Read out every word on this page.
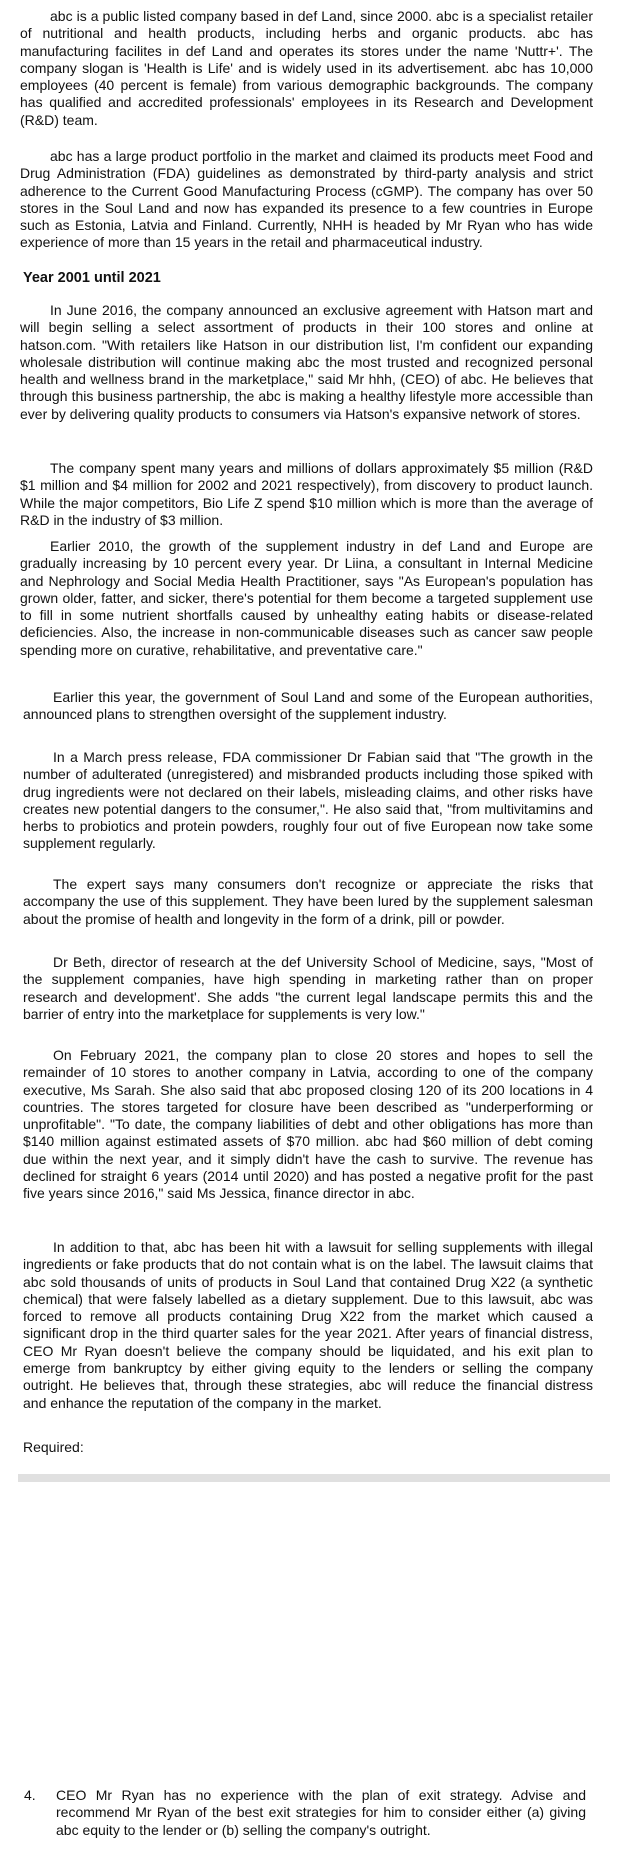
abc is a public listed company based in def Land, since 2000. abc is a specialist retailer of nutritional and health products, including herbs and organic products. abc has manufacturing facilites in def Land and operates its stores under the name 'Nuttr+'. The company slogan is 'Health is Life' and is widely used in its advertisement. abc has 10,000 employees (40 percent is female) from various demographic backgrounds. The company has qualified and accredited professionals' employees in its Research and Development (R&D) team.

abc has a large product portfolio in the market and claimed its products meet Food and Drug Administration (FDA) guidelines as demonstrated by third-party analysis and strict adherence to the Current Good Manufacturing Process (cGMP). The company has over 50 stores in the Soul Land and now has expanded its presence to a few countries in Europe such as Estonia, Latvia and Finland. Currently, NHH is headed by Mr Ryan who has wide experience of more than 15 years in the retail and pharmaceutical industry.

Year 2001 until 2021

In June 2016, the company announced an exclusive agreement with Hatson mart and will begin selling a select assortment of products in their 100 stores and online at hatson.com. "With retailers like Hatson in our distribution list, I'm confident our expanding wholesale distribution will continue making abc the most trusted and recognized personal health and wellness brand in the marketplace," said Mr hhh, (CEO) of abc. He believes that through this business partnership, the abc is making a healthy lifestyle more accessible than ever by delivering quality products to consumers via Hatson's expansive network of stores.

The company spent many years and millions of dollars approximately $5 million (R&D $1 million and $4 million for 2002 and 2021 respectively), from discovery to product launch. While the major competitors, Bio Life Z spend $10 million which is more than the average of R&D in the industry of $3 million.

Earlier 2010, the growth of the supplement industry in def Land and Europe are gradually increasing by 10 percent every year. Dr Liina, a consultant in Internal Medicine and Nephrology and Social Media Health Practitioner, says "As European's population has grown older, fatter, and sicker, there's potential for them become a targeted supplement use to fill in some nutrient shortfalls caused by unhealthy eating habits or disease-related deficiencies. Also, the increase in non-communicable diseases such as cancer saw people spending more on curative, rehabilitative, and preventative care."

Earlier this year, the government of Soul Land and some of the European authorities, announced plans to strengthen oversight of the supplement industry.

In a March press release, FDA commissioner Dr Fabian said that "The growth in the number of adulterated (unregistered) and misbranded products including those spiked with drug ingredients were not declared on their labels, misleading claims, and other risks have creates new potential dangers to the consumer,". He also said that, "from multivitamins and herbs to probiotics and protein powders, roughly four out of five European now take some supplement regularly.

The expert says many consumers don't recognize or appreciate the risks that accompany the use of this supplement. They have been lured by the supplement salesman about the promise of health and longevity in the form of a drink, pill or powder.

Dr Beth, director of research at the def University School of Medicine, says, "Most of the supplement companies, have high spending in marketing rather than on proper research and development'. She adds "the current legal landscape permits this and the barrier of entry into the marketplace for supplements is very low."

On February 2021, the company plan to close 20 stores and hopes to sell the remainder of 10 stores to another company in Latvia, according to one of the company executive, Ms Sarah. She also said that abc proposed closing 120 of its 200 locations in 4 countries. The stores targeted for closure have been described as "underperforming or unprofitable". "To date, the company liabilities of debt and other obligations has more than $140 million against estimated assets of $70 million. abc had $60 million of debt coming due within the next year, and it simply didn't have the cash to survive. The revenue has declined for straight 6 years (2014 until 2020) and has posted a negative profit for the past five years since 2016," said Ms Jessica, finance director in abc.

In addition to that, abc has been hit with a lawsuit for selling supplements with illegal ingredients or fake products that do not contain what is on the label. The lawsuit claims that abc sold thousands of units of products in Soul Land that contained Drug X22 (a synthetic chemical) that were falsely labelled as a dietary supplement. Due to this lawsuit, abc was forced to remove all products containing Drug X22 from the market which caused a significant drop in the third quarter sales for the year 2021. After years of financial distress, CEO Mr Ryan doesn't believe the company should be liquidated, and his exit plan to emerge from bankruptcy by either giving equity to the lenders or selling the company outright. He believes that, through these strategies, abc will reduce the financial distress and enhance the reputation of the company in the market.

Required:

4. CEO Mr Ryan has no experience with the plan of exit strategy. Advise and recommend Mr Ryan of the best exit strategies for him to consider either (a) giving abc equity to the lender or (b) selling the company's outright.
